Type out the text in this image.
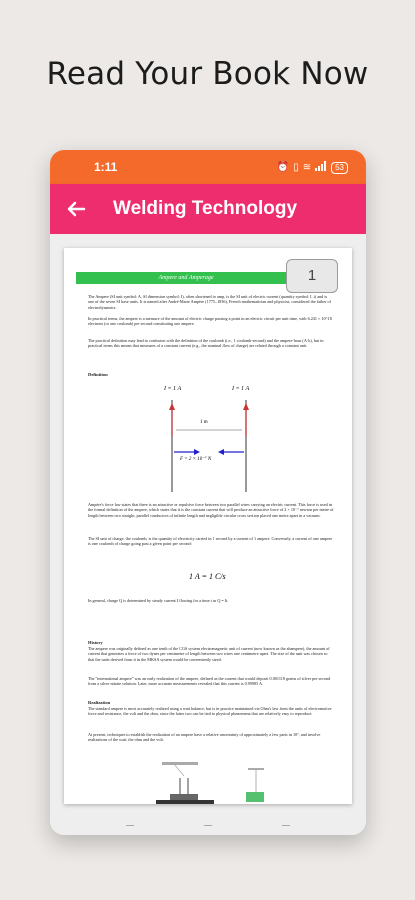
Read Your Book Now
1:11	⏰ ▯ ≋	53
Welding Technology
Ampere and Amperage
The Ampere (SI unit symbol: A, SI dimension symbol: I), often shortened to amp, is the SI unit of electric current (quantity symbol: I, i) and is one of the seven SI base units. It is named after André-Marie Ampère (1775–1836), French mathematician and physicist, considered the father of electrodynamics.
In practical terms, the ampere is a measure of the amount of electric charge passing a point in an electric circuit per unit time, with 6.241 × 10^18 electrons (or one coulomb) per second constituting one ampere.
The practical definition may lead to confusion with the definition of the coulomb (i.e., 1 coulomb-second) and the ampere-hour (A·h), but in practical terms this means that measures of a constant current (e.g., the nominal flow of charge) are related through a constant unit.
Definition
I = 1 A	I = 1 A
1 m
F = 2 × 10⁻⁷ N
Ampère's force law states that there is an attractive or repulsive force between two parallel wires carrying an electric current. This force is used in the formal definition of the ampere, which states that it is the constant current that will produce an attractive force of 2 × 10⁻⁷ newton per metre of length between two straight, parallel conductors of infinite length and negligible circular cross section placed one metre apart in a vacuum.
The SI unit of charge, the coulomb, is the quantity of electricity carried in 1 second by a current of 1 ampere. Conversely, a current of one ampere is one coulomb of charge going past a given point per second:
1 A = 1 C/s
In general, charge Q is determined by steady current I flowing for a time t as Q = It.
History
The ampere was originally defined as one tenth of the CGS system electromagnetic unit of current (now known as the abampere), the amount of current that generates a force of two dynes per centimetre of length between two wires one centimetre apart. The size of the unit was chosen so that the units derived from it in the MKSA system would be conveniently sized.
The "international ampere" was an early realization of the ampere, defined as the current that would deposit 0.001118 grams of silver per second from a silver nitrate solution. Later, more accurate measurements revealed that this current is 0.99985 A.
Realization
The standard ampere is most accurately realized using a watt balance, but is in practice maintained via Ohm's law from the units of electromotive force and resistance, the volt and the ohm, since the latter two can be tied to physical phenomena that are relatively easy to reproduce.
At present, techniques to establish the realization of an ampere have a relative uncertainty of approximately a few parts in 10⁷, and involve realizations of the watt, the ohm and the volt.
1
